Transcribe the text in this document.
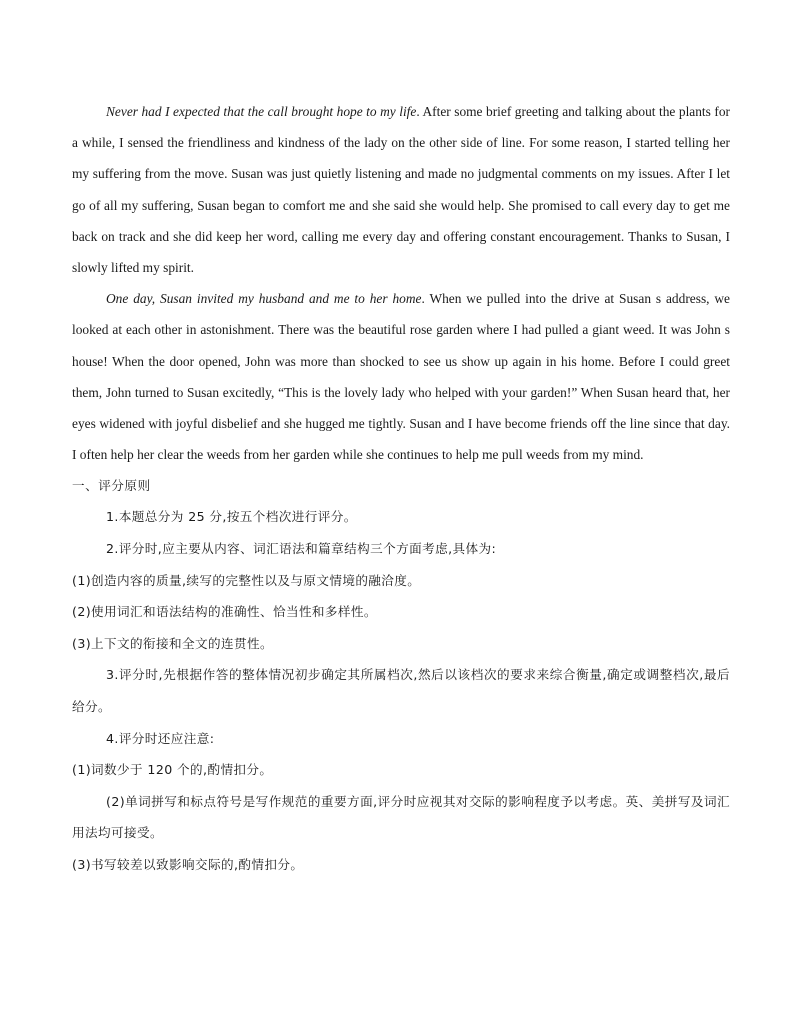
Never had I expected that the call brought hope to my life. After some brief greeting and talking about the plants for a while, I sensed the friendliness and kindness of the lady on the other side of line. For some reason, I started telling her my suffering from the move. Susan was just quietly listening and made no judgmental comments on my issues. After I let go of all my suffering, Susan began to comfort me and she said she would help. She promised to call every day to get me back on track and she did keep her word, calling me every day and offering constant encouragement. Thanks to Susan, I slowly lifted my spirit.

One day, Susan invited my husband and me to her home. When we pulled into the drive at Susan s address, we looked at each other in astonishment. There was the beautiful rose garden where I had pulled a giant weed. It was John s house! When the door opened, John was more than shocked to see us show up again in his home. Before I could greet them, John turned to Susan excitedly, “This is the lovely lady who helped with your garden!” When Susan heard that, her eyes widened with joyful disbelief and she hugged me tightly. Susan and I have become friends off the line since that day. I often help her clear the weeds from her garden while she continues to help me pull weeds from my mind.

一、评分原则

1.本题总分为 25 分,按五个档次进行评分。

2.评分时,应主要从内容、词汇语法和篇章结构三个方面考虑,具体为:

(1)创造内容的质量,续写的完整性以及与原文情境的融洽度。

(2)使用词汇和语法结构的准确性、恰当性和多样性。

(3)上下文的衔接和全文的连贯性。

3.评分时,先根据作答的整体情况初步确定其所属档次,然后以该档次的要求来综合衡量,确定或调整档次,最后给分。

4.评分时还应注意:

(1)词数少于 120 个的,酌情扣分。

(2)单词拼写和标点符号是写作规范的重要方面,评分时应视其对交际的影响程度予以考虑。英、美拼写及词汇用法均可接受。

(3)书写较差以致影响交际的,酌情扣分。
